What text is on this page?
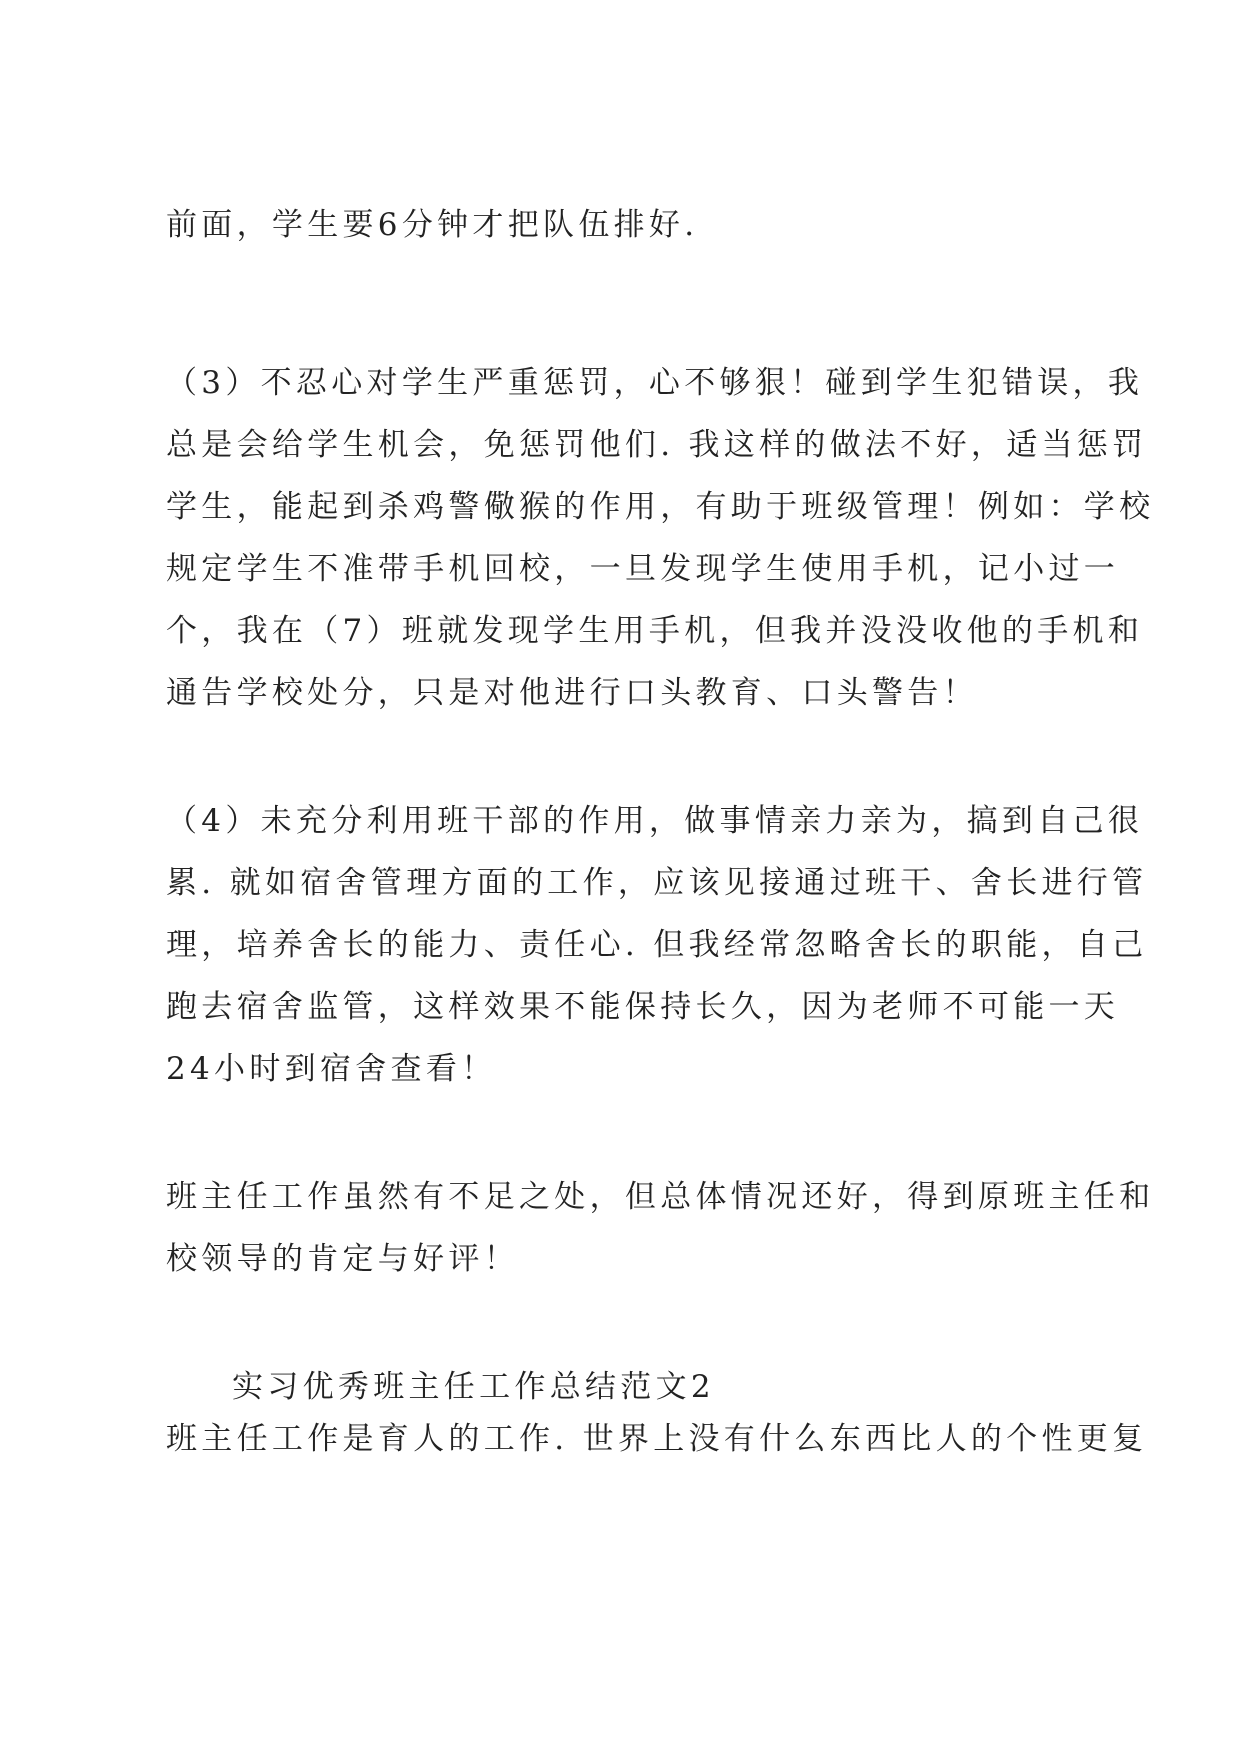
前面，学生要6分钟才把队伍排好.

（3）不忍心对学生严重惩罚，心不够狠！碰到学生犯错误，我

总是会给学生机会，免惩罚他们. 我这样的做法不好，适当惩罚

学生，能起到杀鸡警儆猴的作用，有助于班级管理！例如：学校

规定学生不准带手机回校，一旦发现学生使用手机，记小过一

个，我在（7）班就发现学生用手机，但我并没没收他的手机和

通告学校处分，只是对他进行口头教育、口头警告！

（4）未充分利用班干部的作用，做事情亲力亲为，搞到自己很

累. 就如宿舍管理方面的工作，应该见接通过班干、舍长进行管

理，培养舍长的能力、责任心. 但我经常忽略舍长的职能，自己

跑去宿舍监管，这样效果不能保持长久，因为老师不可能一天

24小时到宿舍查看！

班主任工作虽然有不足之处，但总体情况还好，得到原班主任和

校领导的肯定与好评！

实习优秀班主任工作总结范文2

班主任工作是育人的工作. 世界上没有什么东西比人的个性更复
